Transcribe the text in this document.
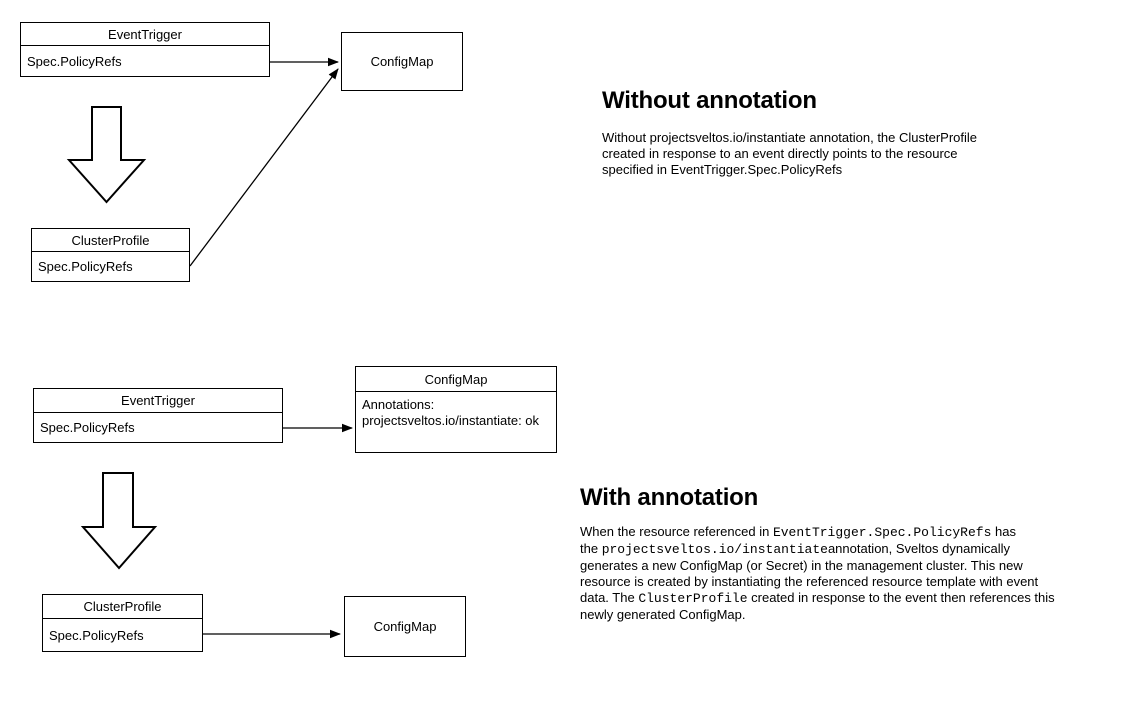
EventTrigger
Spec.PolicyRefs	ConfigMap
ClusterProfile
Spec.PolicyRefs
EventTrigger
Spec.PolicyRefs
ConfigMap
Annotations:
projectsveltos.io/instantiate: ok
ClusterProfile
Spec.PolicyRefs
ConfigMap
Without annotation
Without projectsveltos.io/instantiate annotation, the ClusterProfile
created in response to an event directly points to the resource
specified in EventTrigger.Spec.PolicyRefs
With annotation
When the resource referenced in EventTrigger.Spec.PolicyRefs has
the projectsveltos.io/instantiateannotation, Sveltos dynamically
generates a new ConfigMap (or Secret) in the management cluster. This new
resource is created by instantiating the referenced resource template with event
data. The ClusterProfile created in response to the event then references this
newly generated ConfigMap.
